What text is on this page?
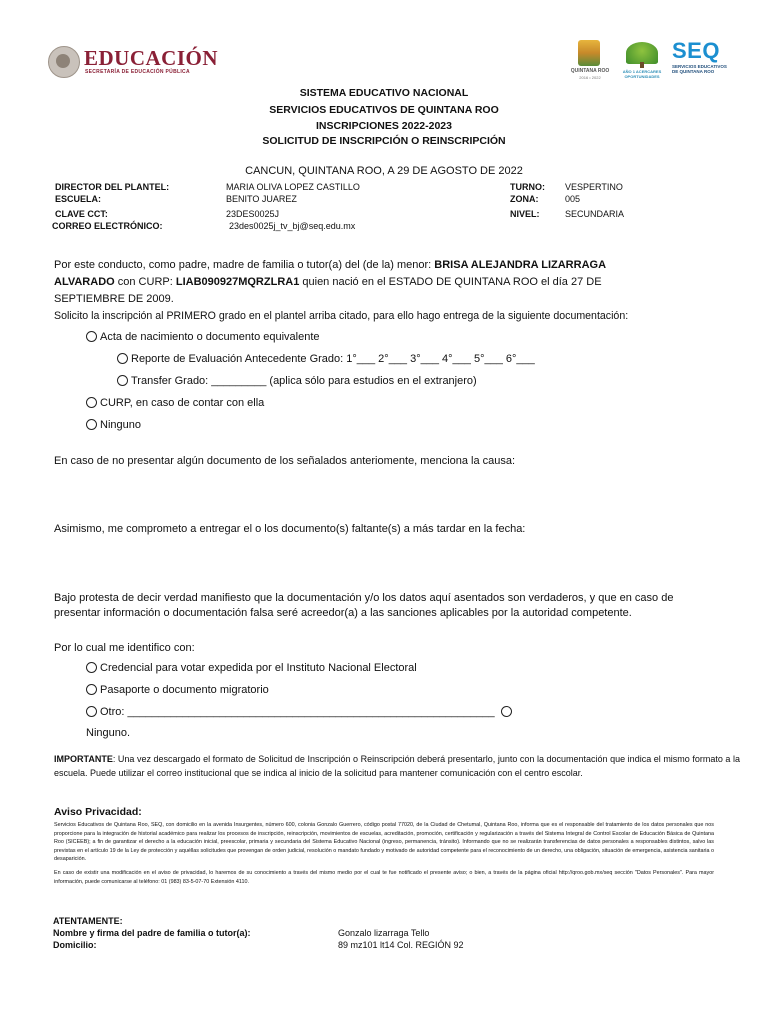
EDUCACIÓN
SECRETARÍA DE EDUCACIÓN PÚBLICA	QUINTANA ROO
2016 • 2022
AÑO 1 ACERCARES OPORTUNIDADES
SEQ
SERVICIOS EDUCATIVOS DE QUINTANA ROO
SISTEMA EDUCATIVO NACIONAL
SERVICIOS EDUCATIVOS DE QUINTANA ROO
INSCRIPCIONES 2022-2023
SOLICITUD DE INSCRIPCIÓN O REINSCRIPCIÓN
CANCUN, QUINTANA ROO, A 29 DE AGOSTO DE 2022
DIRECTOR DEL PLANTEL:	MARIA OLIVA LOPEZ CASTILLO	TURNO: VESPERTINO
ESCUELA:	BENITO JUAREZ	ZONA:	005
CLAVE CCT:	23DES0025J	NIVEL:	SECUNDARIA
CORREO ELECTRÓNICO:	23des0025j_tv_bj@seq.edu.mx
Por este conducto, como padre, madre de familia o tutor(a) del (de la) menor: BRISA ALEJANDRA LIZARRAGA
ALVARADO con CURP: LIAB090927MQRZLRA1 quien nació en el ESTADO DE QUINTANA ROO el día 27 DE
SEPTIEMBRE DE 2009.
Solicito la inscripción al PRIMERO grado en el plantel arriba citado, para ello hago entrega de la siguiente documentación:
Acta de nacimiento o documento equivalente
Reporte de Evaluación Antecedente Grado: 1°___ 2°___ 3°___ 4°___ 5°___ 6°___
Transfer Grado: _________ (aplica sólo para estudios en el extranjero)
CURP, en caso de contar con ella
Ninguno
En caso de no presentar algún documento de los señalados anteriomente, menciona la causa:
Asimismo, me comprometo a entregar el o los documento(s) faltante(s) a más tardar en la fecha:
Bajo protesta de decir verdad manifiesto que la documentación y/o los datos aquí asentados son verdaderos, y que en caso de
presentar información o documentación falsa seré acreedor(a) a las sanciones aplicables por la autoridad competente.
Por lo cual me identifico con:
Credencial para votar expedida por el Instituto Nacional Electoral
Pasaporte o documento migratorio
Otro: ____________________________________________________________
Ninguno.
IMPORTANTE: Una vez descargado el formato de Solicitud de Inscripción o Reinscripción deberá presentarlo, junto con la documentación que indica el mismo formato a la escuela. Puede utilizar el correo institucional que se indica al inicio de la solicitud para mantener comunicación con el centro escolar.
Aviso Privacidad:
Servicios Educativos de Quintana Roo, SEQ, con domicilio en la avenida Insurgentes, número 600, colonia Gonzalo Guerrero, código postal 77020, de la Ciudad de Chetumal, Quintana Roo, informa que es el responsable del tratamiento de los datos personales que nos proporcione para la integración de historial académico para realizar los procesos de inscripción, reinscripción, movimientos de escuelas, acreditación, promoción, certificación y regularización a través del Sistema Integral de Control Escolar de Educación Básica de Quintana Roo (SICEEB); a fin de garantizar el derecho a la educación inicial, preescolar, primaria y secundaria del Sistema Educativo Nacional (ingreso, permanencia, tránsito). Informando que no se realizarán transferencias de datos personales a responsables distintos, salvo las previstas en el artículo 19 de la Ley de protección y aquéllas solicitudes que provengan de orden judicial, resolución o mandato fundado y motivado de autoridad competente para el reconocimiento de un derecho, una obligación, situación de emergencia, asistencia sanitaria o desaparición.
En caso de existir una modificación en el aviso de privacidad, lo haremos de su conocimiento a través del mismo medio por el cual te fue notificado el presente aviso; o bien, a través de la página oficial http://qroo.gob.mx/seq sección "Datos Personales". Para mayor información, puede comunicarse al teléfono: 01 (983) 83-5-07-70 Extensión 4110.
ATENTAMENTE:
Nombre y firma del padre de familia o tutor(a):	Gonzalo lizarraga Tello
Domicilio:	89 mz101 lt14 Col. REGIÓN 92
